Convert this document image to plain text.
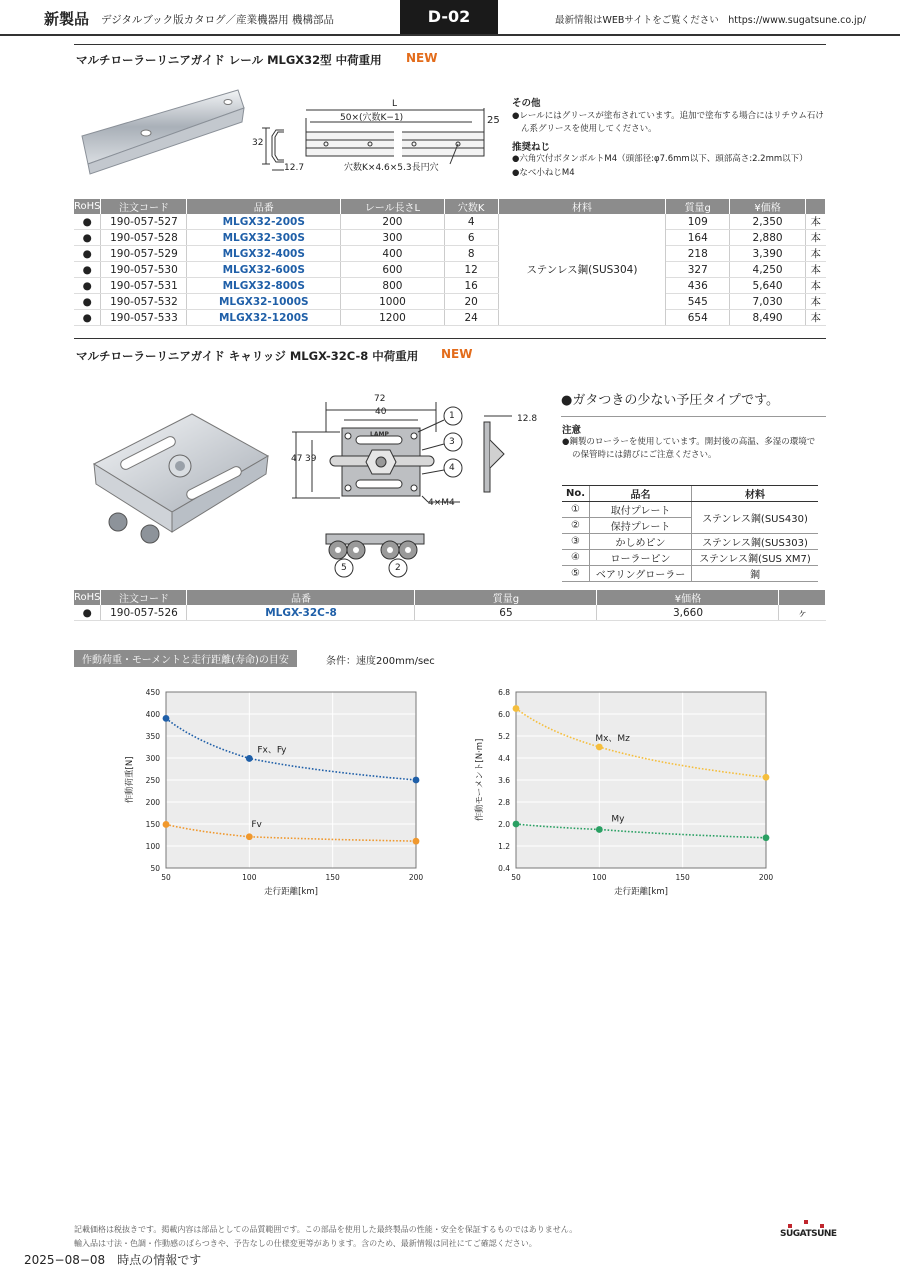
新製品 デジタルブック版カタログ／産業機器用 機構部品	D-02	最新情報はWEBサイトをご覧ください　https://www.sugatsune.co.jp/
マルチローラーリニアガイド レール MLGX32型 中荷重用 NEW
L
50×(穴数K−1)	25
32
12.7	穴数K×4.6×5.3長円穴
その他
●レールにはグリースが塗布されています。追加で塗布する場合にはリチウム石け
ん系グリースを使用してください。
推奨ねじ
●六角穴付ボタンボルトM4（頭部径:φ7.6mm以下、頭部高さ:2.2mm以下）
●なべ小ねじM4
RoHS	注文コード	品番	レール長さL	穴数K	材料	質量g	¥価格	
●	190-057-527	MLGX32-200S	200	4	ステンレス鋼(SUS304)	109	2,350	本
●	190-057-528	MLGX32-300S	300	6		164	2,880	本
●	190-057-529	MLGX32-400S	400	8		218	3,390	本
●	190-057-530	MLGX32-600S	600	12		327	4,250	本
●	190-057-531	MLGX32-800S	800	16		436	5,640	本
●	190-057-532	MLGX32-1000S	1000	20		545	7,030	本
●	190-057-533	MLGX32-1200S	1200	24		654	8,490	本
マルチローラーリニアガイド キャリッジ MLGX-32C-8 中荷重用 NEW
72
40
47 39
12.8
4×M4
1
3
4
5	2
LAMP
●ガタつきの少ない予圧タイプです。
注意
●鋼製のローラーを使用しています。開封後の高温、多湿の環境で
の保管時には錆びにご注意ください。
No.	品名	材料
①	取付プレート	ステンレス鋼(SUS430)
②	保持プレート	
③	かしめピン	ステンレス鋼(SUS303)
④	ローラーピン	ステンレス鋼(SUS XM7)
⑤	ベアリングローラー	鋼
RoHS	注文コード	品番	質量g	¥価格	
●	190-057-526	MLGX-32C-8	65	3,660	ヶ
作動荷重・モーメントと走行距離(寿命)の目安	条件：速度200mm/sec
50
100
150
200
250
300
350
400
450
50	100	150	200
走行距離[km]
作動荷重[N]
Fx、Fy
Fv
0.4
1.2
2.0
2.8
3.6
4.4
5.2
6.0
6.8
50	100	150	200
走行距離[km]
作動モーメント[N·m]	Mx、Mz
My
記載価格は税抜きです。掲載内容は部品としての品質範囲です。この部品を使用した最終製品の性能・安全を保証するものではありません。
輸入品は寸法・色調・作動感のばらつきや、予告なしの仕様変更等があります。含のため、最新情報は同社にてご確認ください。
2025−08−08　時点の情報です
SUGATSUNE
